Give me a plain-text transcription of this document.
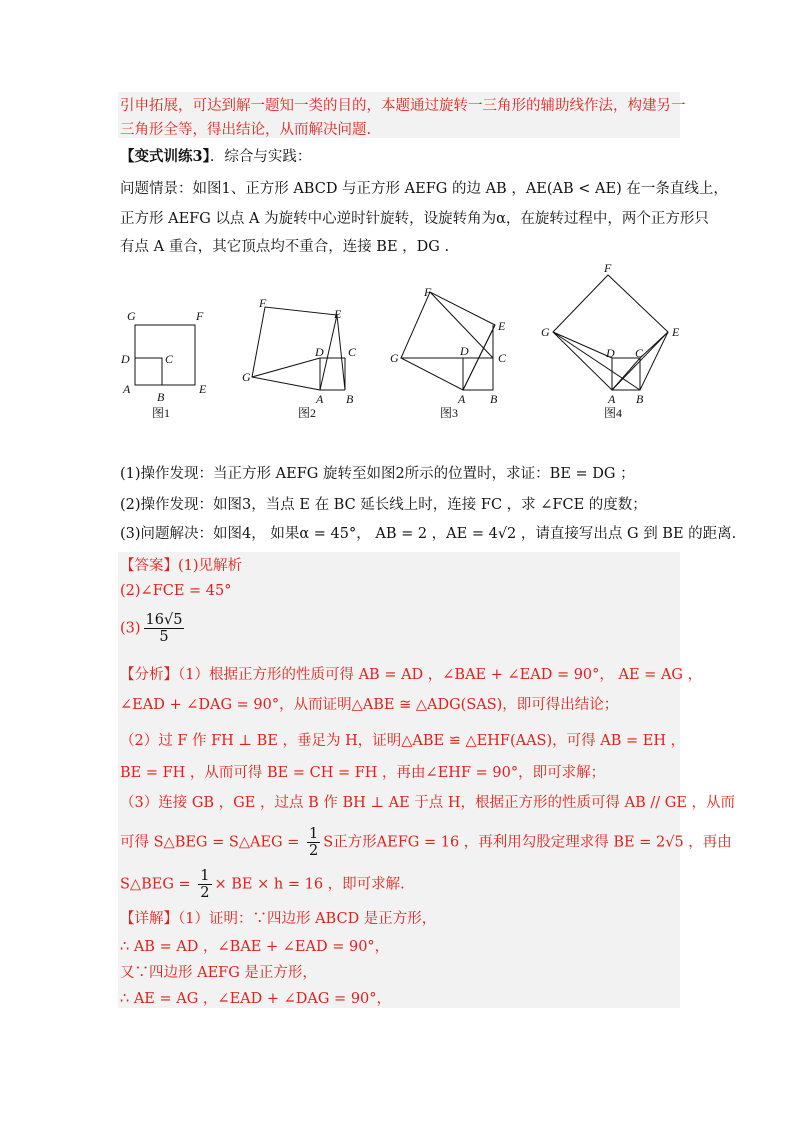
引申拓展，可达到解一题知一类的目的，本题通过旋转一三角形的辅助线作法，构建另一
三角形全等，得出结论，从而解决问题.
【变式训练3】．综合与实践：
问题情景：如图1、正方形 ABCD 与正方形 AEFG 的边 AB ，AE(AB < AE) 在一条直线上，
正方形 AEFG 以点 A 为旋转中心逆时针旋转，设旋转角为α，在旋转过程中，两个正方形只
有点 A 重合，其它顶点均不重合，连接 BE ，DG .
G	F
D	C
A
B
E
F
E
G
D C
A B
F
E
G	D C
A B
F
G	E
D C
A B
图1	图2	图3	图4
(1)操作发现：当正方形 AEFG 旋转至如图2所示的位置时，求证：BE = DG ；
(2)操作发现：如图3，当点 E 在 BC 延长线上时，连接 FC ，求 ∠FCE 的度数；
(3)问题解决：如图4， 如果α = 45°， AB = 2 ，AE = 4√2 ，请直接写出点 G 到 BE 的距离.
【答案】(1)见解析
(2)∠FCE = 45°
$(3) \frac{16√5}{5}$
【分析】（1）根据正方形的性质可得 AB = AD ，∠BAE + ∠EAD = 90°， AE = AG ，
∠EAD + ∠DAG = 90°，从而证明△ABE ≅ △ADG(SAS)，即可得出结论；
（2）过 F 作 FH ⊥ BE ，垂足为 H，证明△ABE ≌ △EHF(AAS)，可得 AB = EH ，
BE = FH ，从而可得 BE = CH = FH ，再由∠EHF = 90°，即可求解；
（3）连接 GB ，GE ，过点 B 作 BH ⊥ AE 于点 H，根据正方形的性质可得 AB // GE ，从而
可得 S△BEG = S△AEG = $\frac{1}{2}$ S正方形AEFG = 16 ，再利用勾股定理求得 BE = 2√5 ，再由
S△BEG = $\frac{1}{2}$ × BE × h = 16 ，即可求解.
【详解】（1）证明：∵四边形 ABCD 是正方形，
∴ AB = AD ，∠BAE + ∠EAD = 90°，
又∵四边形 AEFG 是正方形，
∴ AE = AG ，∠EAD + ∠DAG = 90°，
